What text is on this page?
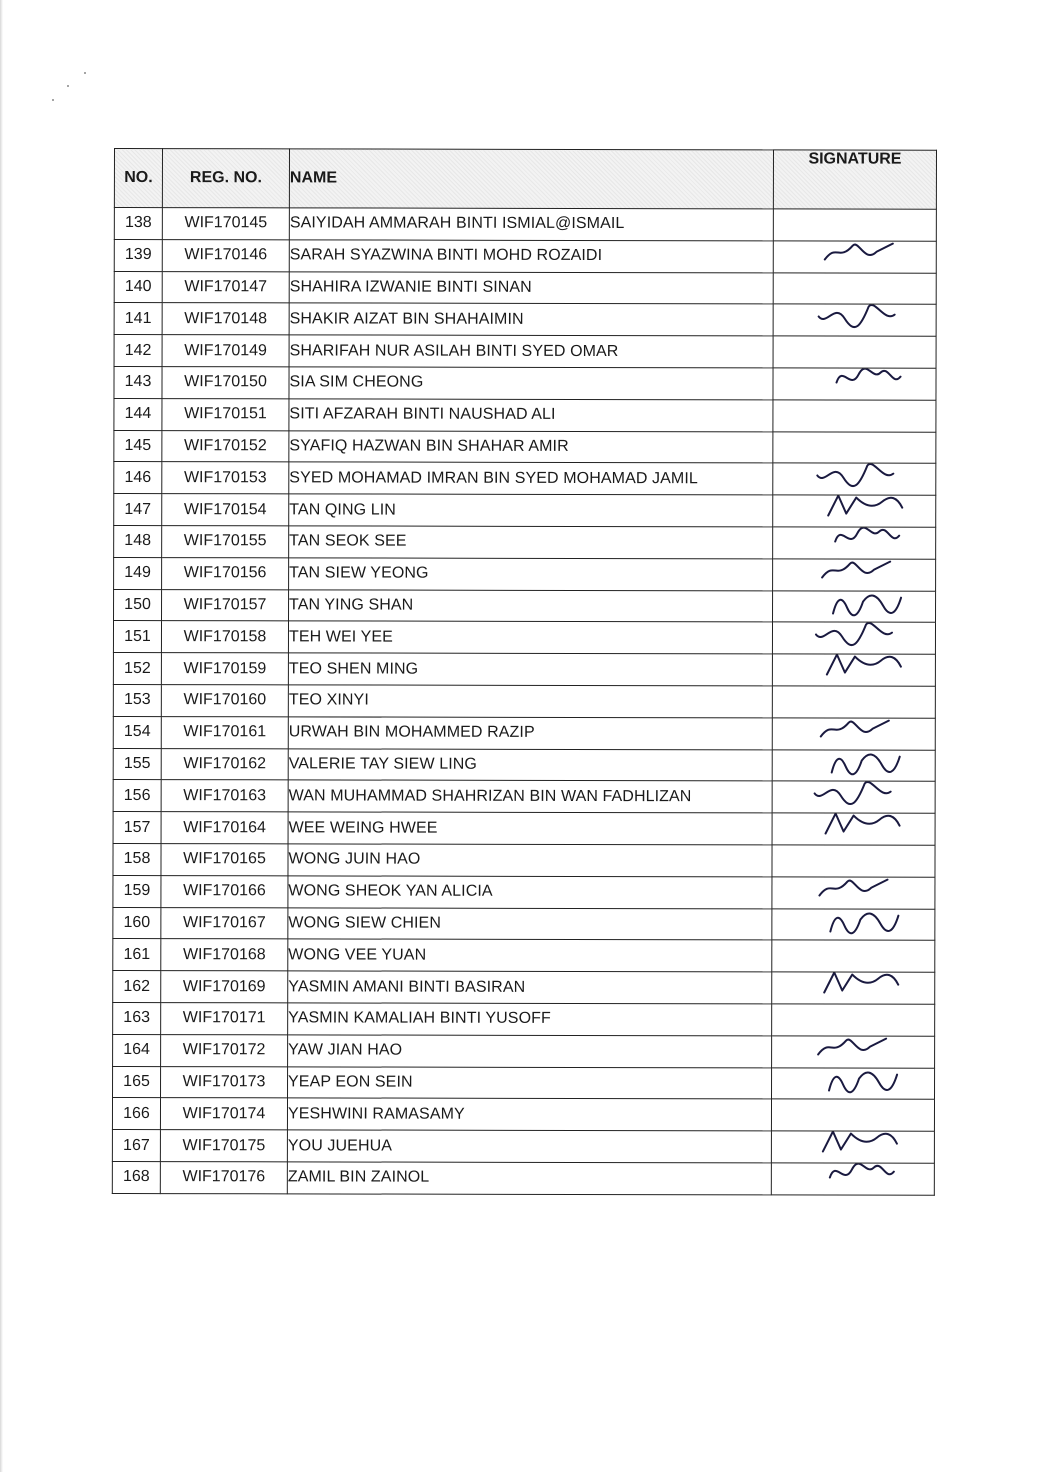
NO.	REG. NO.	NAME	SIGNATURE
138	WIF170145	SAIYIDAH AMMARAH BINTI ISMIAL@ISMAIL	
139	WIF170146	SARAH SYAZWINA BINTI MOHD ROZAIDI	

140	WIF170147	SHAHIRA IZWANIE BINTI SINAN	
141	WIF170148	SHAKIR AIZAT BIN SHAHAIMIN	

142	WIF170149	SHARIFAH NUR ASILAH BINTI SYED OMAR	
143	WIF170150	SIA SIM CHEONG	

144	WIF170151	SITI AFZARAH BINTI NAUSHAD ALI	
145	WIF170152	SYAFIQ HAZWAN BIN SHAHAR AMIR	
146	WIF170153	SYED MOHAMAD IMRAN BIN SYED MOHAMAD JAMIL	

147	WIF170154	TAN QING LIN	

148	WIF170155	TAN SEOK SEE	

149	WIF170156	TAN SIEW YEONG	

150	WIF170157	TAN YING SHAN	

151	WIF170158	TEH WEI YEE	

152	WIF170159	TEO SHEN MING	

153	WIF170160	TEO XINYI	
154	WIF170161	URWAH BIN MOHAMMED RAZIP	

155	WIF170162	VALERIE TAY SIEW LING	

156	WIF170163	WAN MUHAMMAD SHAHRIZAN BIN WAN FADHLIZAN	

157	WIF170164	WEE WEING HWEE	

158	WIF170165	WONG JUIN HAO	
159	WIF170166	WONG SHEOK YAN ALICIA	

160	WIF170167	WONG SIEW CHIEN	

161	WIF170168	WONG VEE YUAN	
162	WIF170169	YASMIN AMANI BINTI BASIRAN	

163	WIF170171	YASMIN KAMALIAH BINTI YUSOFF	
164	WIF170172	YAW JIAN HAO	

165	WIF170173	YEAP EON SEIN	

166	WIF170174	YESHWINI RAMASAMY	
167	WIF170175	YOU JUEHUA	

168	WIF170176	ZAMIL BIN ZAINOL	
